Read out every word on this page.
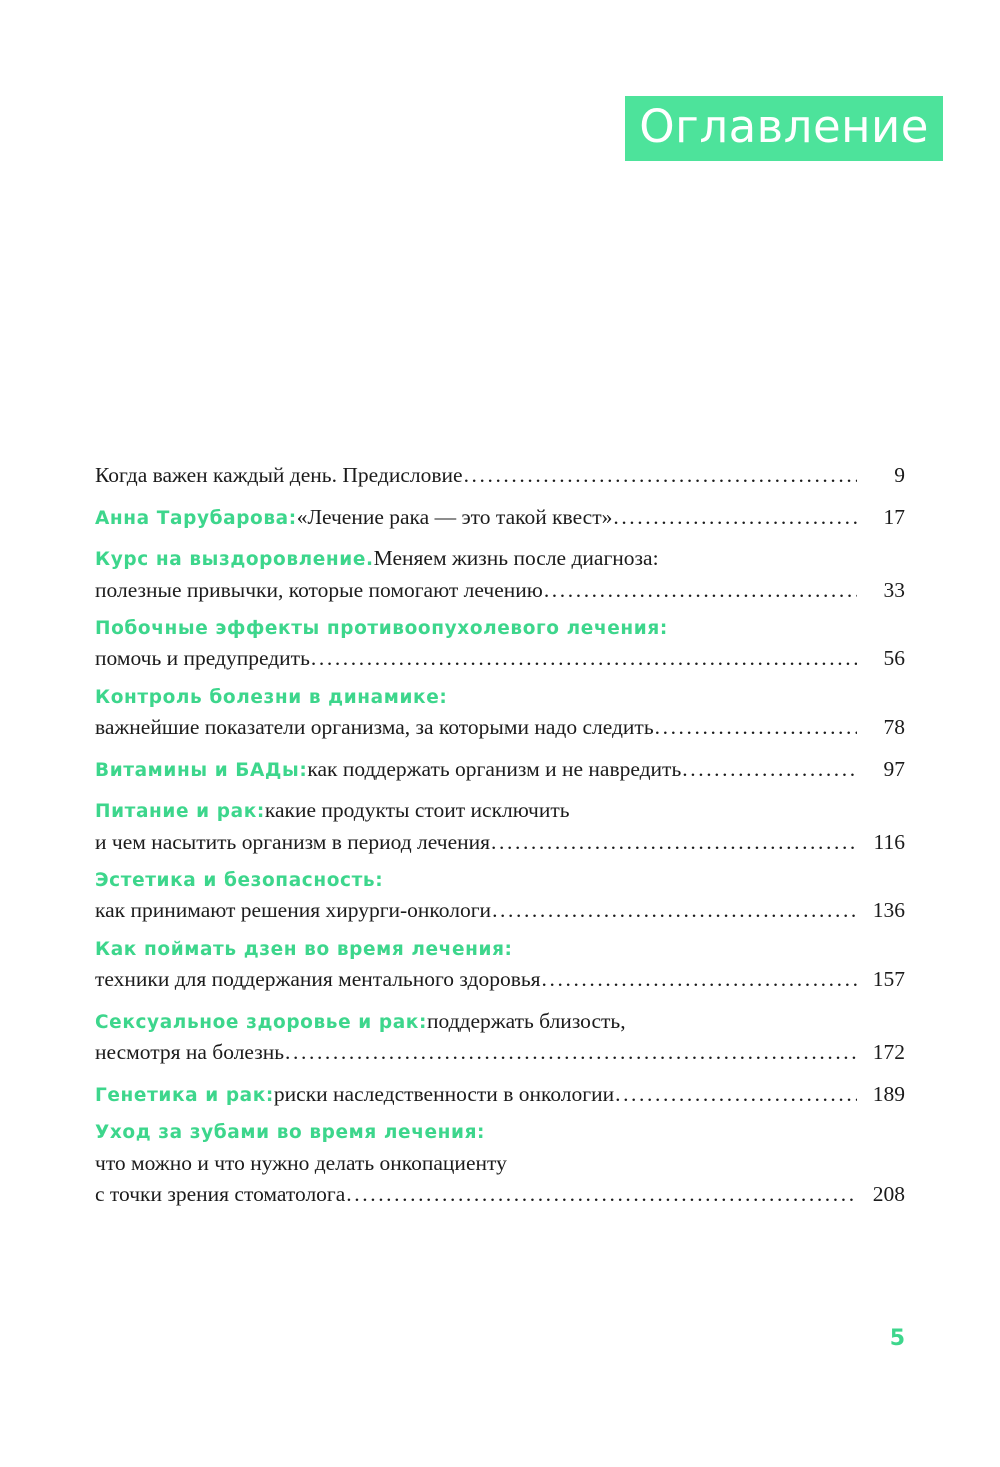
Оглавление
Когда важен каждый день. Предисловие .....	9
Анна Тарубарова: «Лечение рака — это такой квест» .....	17
Курс на выздоровление. Меняем жизнь после диагноза:
полезные привычки, которые помогают лечению .....	33
Побочные эффекты противоопухолевого лечения:
помочь и предупредить .....	56
Контроль болезни в динамике:
важнейшие показатели организма, за которыми надо следить .....	78
Витамины и БАДы: как поддержать организм и не навредить .....	97
Питание и рак: какие продукты стоит исключить
и чем насытить организм в период лечения .....	116
Эстетика и безопасность:
как принимают решения хирурги-онкологи .....	136
Как поймать дзен во время лечения:
техники для поддержания ментального здоровья .....	157
Сексуальное здоровье и рак: поддержать близость,
несмотря на болезнь .....	172
Генетика и рак: риски наследственности в онкологии .....	189
Уход за зубами во время лечения:
что можно и что нужно делать онкопациенту
с точки зрения стоматолога .....	208
5
